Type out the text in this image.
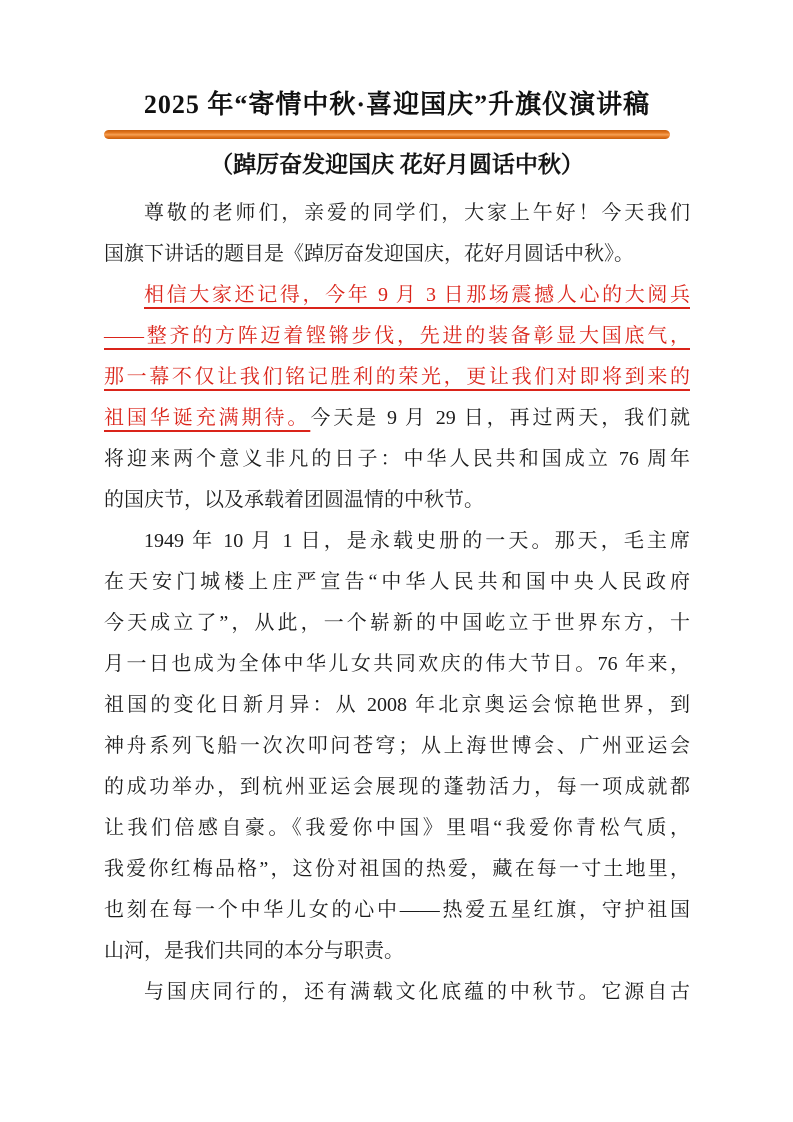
2025 年“寄情中秋·喜迎国庆”升旗仪演讲稿
（踔厉奋发迎国庆 花好月圆话中秋）
尊敬的老师们，亲爱的同学们，大家上午好！今天我们
国旗下讲话的题目是《踔厉奋发迎国庆，花好月圆话中秋》。
相信大家还记得，今年 9 月 3 日那场震撼人心的大阅兵
——整齐的方阵迈着铿锵步伐，先进的装备彰显大国底气，
那一幕不仅让我们铭记胜利的荣光，更让我们对即将到来的
祖国华诞充满期待。今天是 9 月 29 日，再过两天，我们就
将迎来两个意义非凡的日子：中华人民共和国成立 76 周年
的国庆节，以及承载着团圆温情的中秋节。
1949 年 10 月 1 日，是永载史册的一天。那天，毛主席
在天安门城楼上庄严宣告“中华人民共和国中央人民政府
今天成立了”，从此，一个崭新的中国屹立于世界东方，十
月一日也成为全体中华儿女共同欢庆的伟大节日。76 年来，
祖国的变化日新月异：从 2008 年北京奥运会惊艳世界，到
神舟系列飞船一次次叩问苍穹；从上海世博会、广州亚运会
的成功举办，到杭州亚运会展现的蓬勃活力，每一项成就都
让我们倍感自豪。《我爱你中国》里唱“我爱你青松气质，
我爱你红梅品格”，这份对祖国的热爱，藏在每一寸土地里，
也刻在每一个中华儿女的心中——热爱五星红旗，守护祖国
山河，是我们共同的本分与职责。
与国庆同行的，还有满载文化底蕴的中秋节。它源自古
